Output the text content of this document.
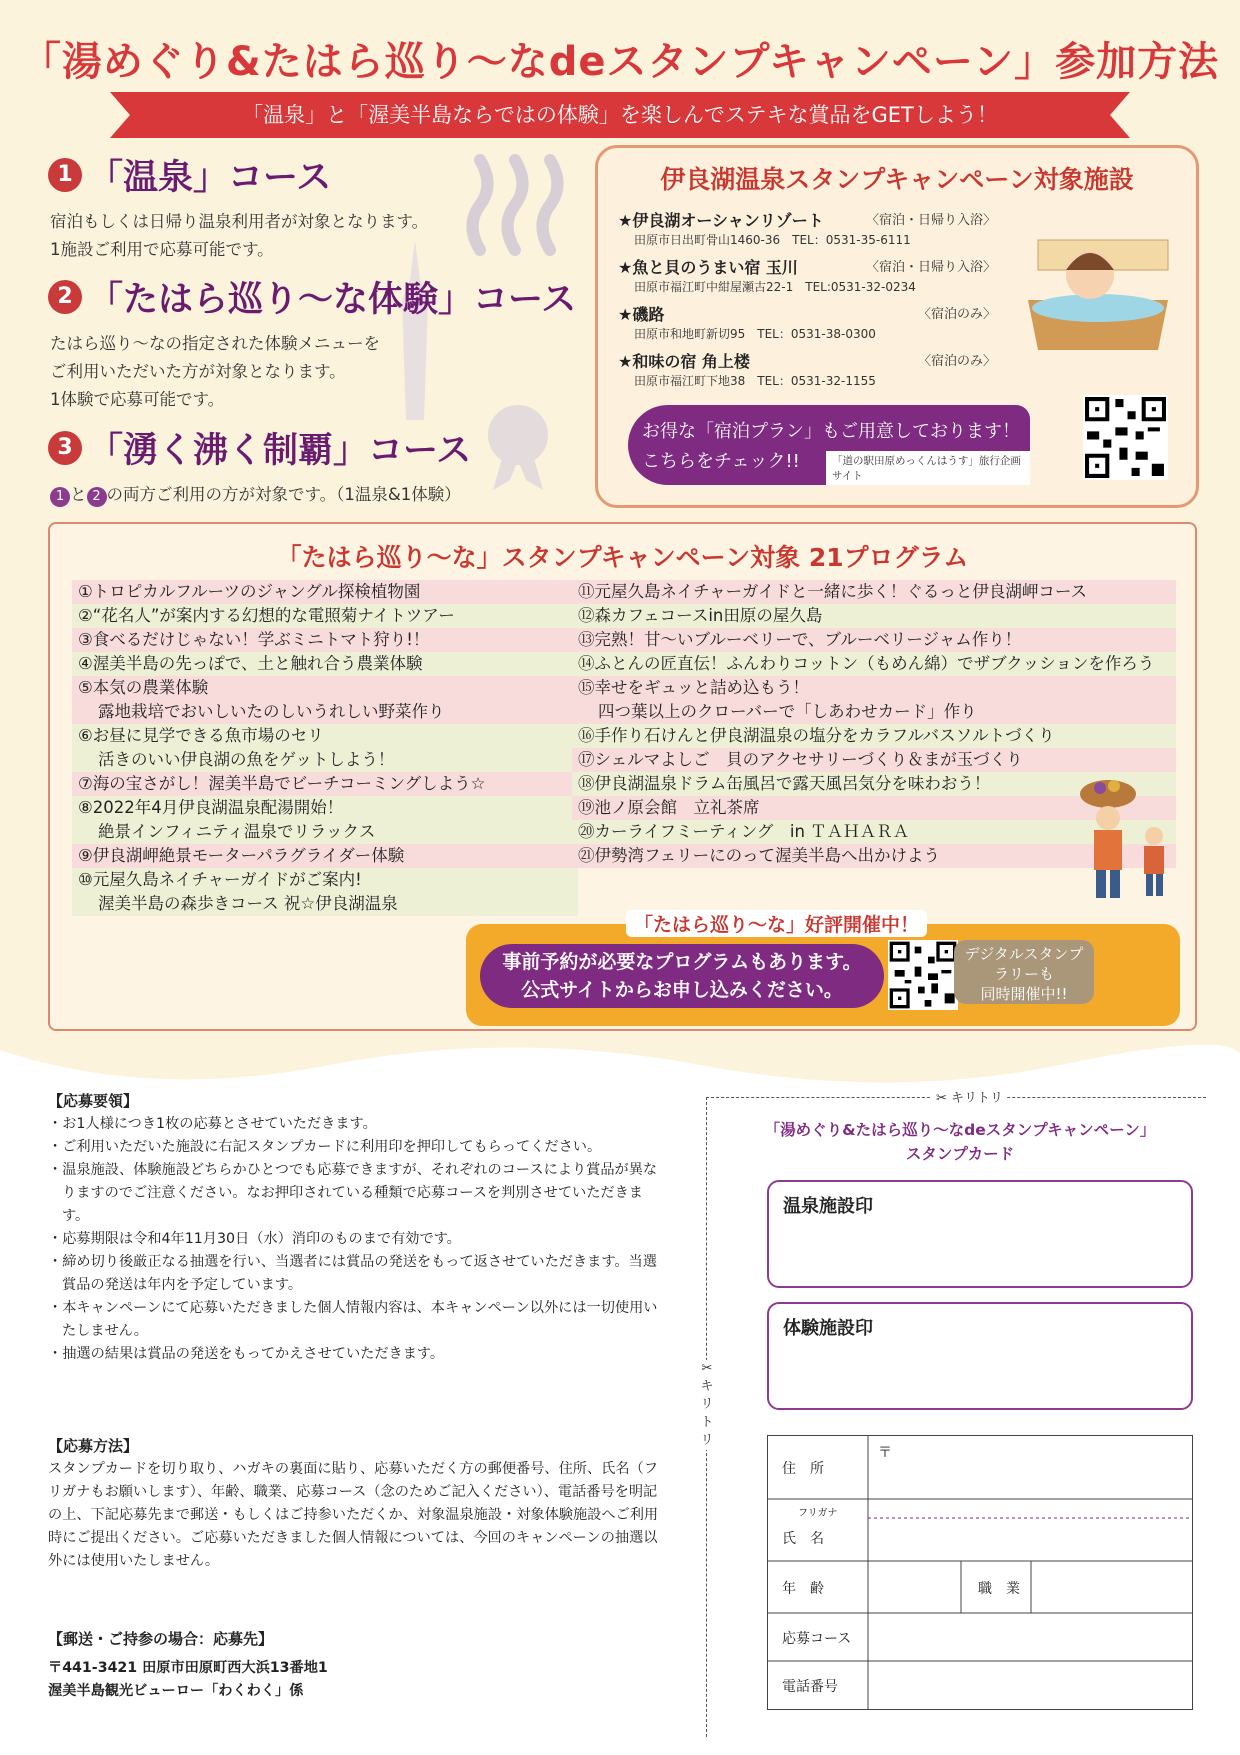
「湯めぐり&たはら巡り～なdeスタンプキャンペーン」参加方法
「温泉」と「渥美半島ならではの体験」を楽しんでステキな賞品をGETしよう！
1 「温泉」コース

宿泊もしくは日帰り温泉利用者が対象となります。
1施設ご利用で応募可能です。

2 「たはら巡り～な体験」コース

たはら巡り～なの指定された体験メニューを
ご利用いただいた方が対象となります。
1体験で応募可能です。

3 「湧く沸く制覇」コース

1 と 2 の両方ご利用の方が対象です。（1温泉&1体験）

伊良湖温泉スタンプキャンペーン対象施設
★伊良湖オーシャンリゾート	〈宿泊・日帰り入浴〉
田原市日出町骨山1460-36　TEL：0531-35-6111
★魚と貝のうまい宿 玉川	〈宿泊・日帰り入浴〉
田原市福江町中紺屋瀬古22-1　TEL:0531-32-0234
★磯路	〈宿泊のみ〉
田原市和地町新切95　TEL：0531-38-0300
★和味の宿 角上楼	〈宿泊のみ〉
田原市福江町下地38　TEL：0531-32-1155
お得な「宿泊プラン」もご用意しております！
こちらをチェック!!	「道の駅田原めっくんはうす」旅行企画サイト
「たはら巡り～な」スタンプキャンペーン対象 21プログラム
①トロピカルフルーツのジャングル探検植物園
②“花名人”が案内する幻想的な電照菊ナイトツアー
③食べるだけじゃない！学ぶミニトマト狩り!！
④渥美半島の先っぽで、土と触れ合う農業体験
⑤本気の農業体験
露地栽培でおいしいたのしいうれしい野菜作り
⑥お昼に見学できる魚市場のセリ
活きのいい伊良湖の魚をゲットしよう！
⑦海の宝さがし！渥美半島でビーチコーミングしよう☆
⑧2022年4月伊良湖温泉配湯開始！
絶景インフィニティ温泉でリラックス
⑨伊良湖岬絶景モーターパラグライダー体験
⑩元屋久島ネイチャーガイドがご案内!
渥美半島の森歩きコース 祝☆伊良湖温泉
⑪元屋久島ネイチャーガイドと一緒に歩く！ぐるっと伊良湖岬コース
⑫森カフェコースin田原の屋久島
⑬完熟！甘～いブルーベリーで、ブルーベリージャム作り！
⑭ふとんの匠直伝！ふんわりコットン（もめん綿）でザブクッションを作ろう
⑮幸せをギュッと詰め込もう！
四つ葉以上のクローバーで「しあわせカード」作り
⑯手作り石けんと伊良湖温泉の塩分をカラフルバスソルトづくり
⑰シェルマよしご　貝のアクセサリーづくり＆まが玉づくり
⑱伊良湖温泉ドラム缶風呂で露天風呂気分を味わおう！
⑲池ノ原会館　立礼茶席
⑳カーライフミーティング　in ＴＡＨＡＲＡ
㉑伊勢湾フェリーにのって渥美半島へ出かけよう
「たはら巡り～な」好評開催中！
事前予約が必要なプログラムもあります。
公式サイトからお申し込みください。
デジタルスタンプ
ラリーも
同時開催中!!
【応募要領】
・お1人様につき1枚の応募とさせていただきます。
・ご利用いただいた施設に右記スタンプカードに利用印を押印してもらってください。
・温泉施設、体験施設どちらかひとつでも応募できますが、それぞれのコースにより賞品が異なりますのでご注意ください。なお押印されている種類で応募コースを判別させていただきます。
・応募期限は令和4年11月30日（水）消印のものまで有効です。
・締め切り後厳正なる抽選を行い、当選者には賞品の発送をもって返させていただきます。当選賞品の発送は年内を予定しています。
・本キャンペーンにて応募いただきました個人情報内容は、本キャンペーン以外には一切使用いたしません。
・抽選の結果は賞品の発送をもってかえさせていただきます。
【応募方法】
スタンプカードを切り取り、ハガキの裏面に貼り、応募いただく方の郵便番号、住所、氏名（フリガナもお願いします）、年齢、職業、応募コース（念のためご記入ください）、電話番号を明記の上、下記応募先まで郵送・もしくはご持参いただくか、対象温泉施設・対象体験施設へご利用時にご提出ください。ご応募いただきました個人情報については、今回のキャンペーンの抽選以外には使用いたしません。
【郵送・ご持参の場合：応募先】
〒441-3421 田原市田原町西大浜13番地1
渥美半島観光ビューロー「わくわく」係
✂ キリトリ
✂
キ
リ
ト
リ
「湯めぐり&たはら巡り～なdeスタンプキャンペーン」
スタンプカード
温泉施設印
体験施設印
住　所
〒
フリガナ
氏　名
年　齢	職　業
応募コース
電話番号
